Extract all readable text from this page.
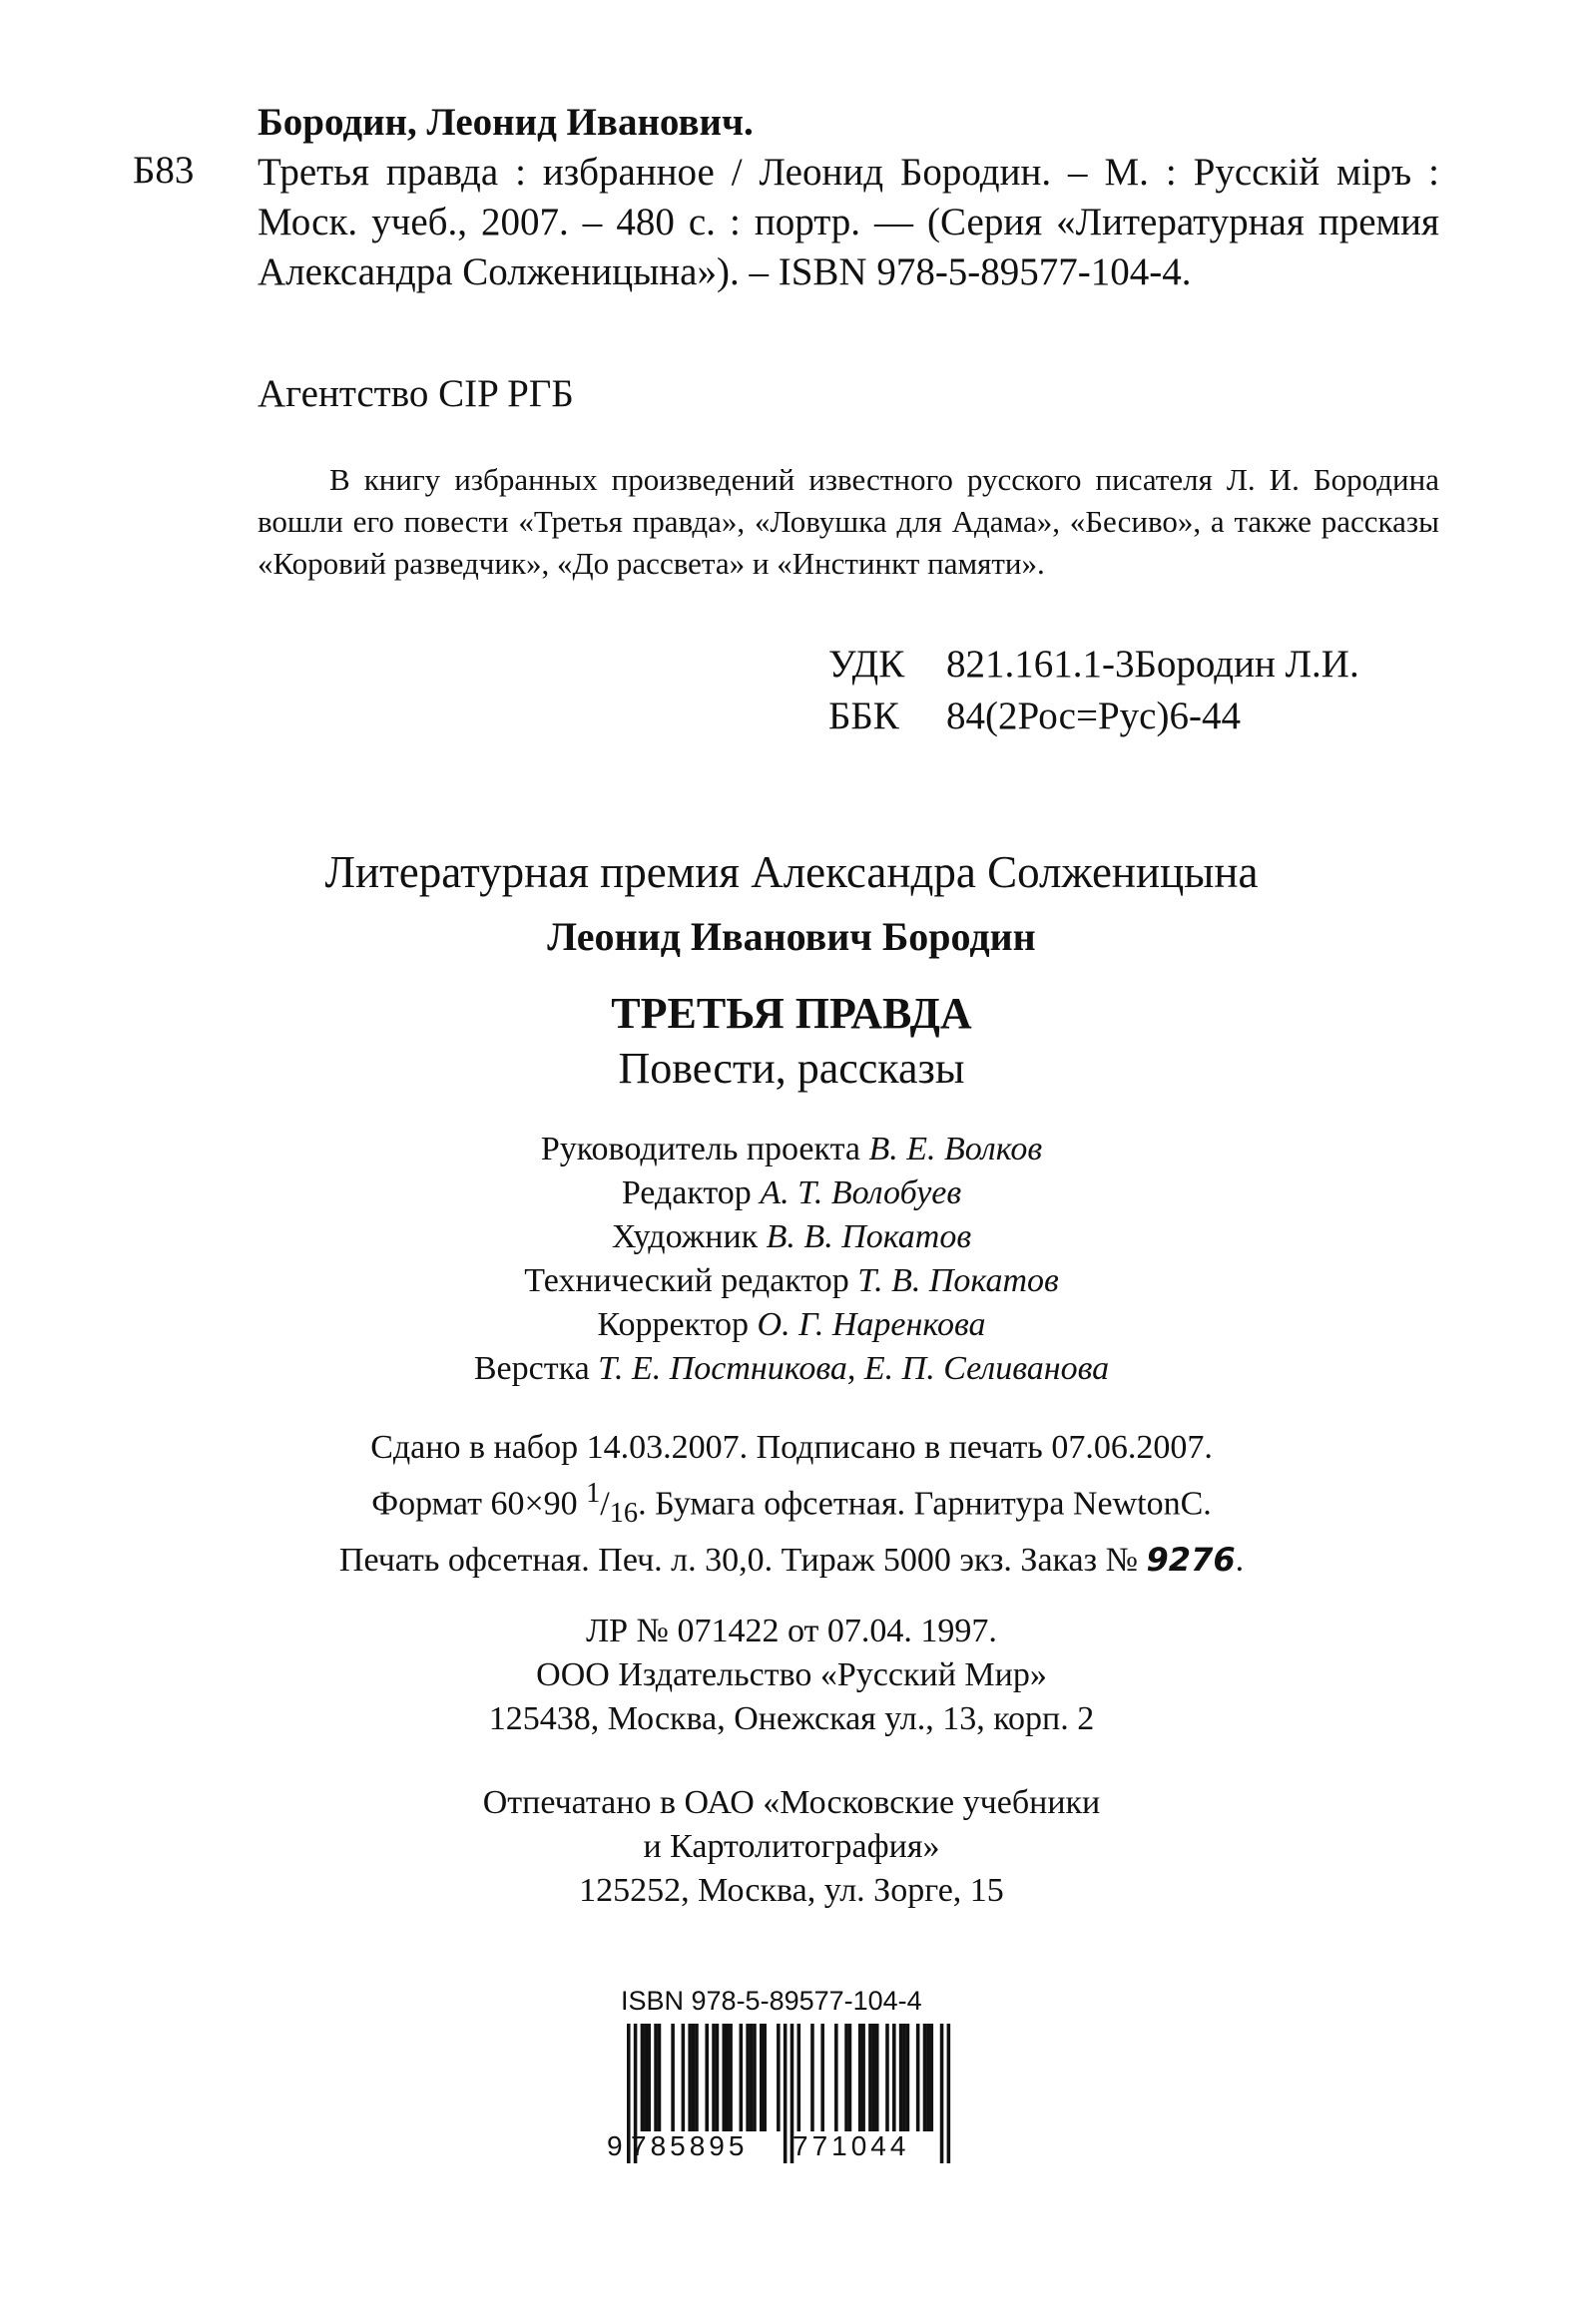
Б83
Бородин, Леонид Иванович.
Третья правда : избранное / Леонид Бородин. – М. : Русскiй мiръ : Моск. учеб., 2007. – 480 с. : портр. — (Серия «Литературная премия Александра Солженицына»). – ISBN 978-5-89577-104-4.
Агентство CIP РГБ
В книгу избранных произведений известного русского писателя Л. И. Бородина вошли его повести «Третья правда», «Ловушка для Адама», «Бесиво», а также рассказы «Коровий разведчик», «До рассвета» и «Инстинкт памяти».
УДК	821.161.1-3Бородин Л.И.
ББК	84(2Рос=Рус)6-44
Литературная премия Александра Солженицына
Леонид Иванович Бородин
ТРЕТЬЯ ПРАВДА
Повести, рассказы
Руководитель проекта В. Е. Волков
Редактор А. Т. Волобуев
Художник В. В. Покатов
Технический редактор Т. В. Покатов
Корректор О. Г. Наренкова
Верстка Т. Е. Постникова, Е. П. Селиванова
Сдано в набор 14.03.2007. Подписано в печать 07.06.2007.
Формат 60×90 $^1/_{16}$. Бумага офсетная. Гарнитура NewtonC.
Печать офсетная. Печ. л. 30,0. Тираж 5000 экз. Заказ № 9276.
ЛР № 071422 от 07.04. 1997.
ООО Издательство «Русский Мир»
125438, Москва, Онежская ул., 13, корп. 2
Отпечатано в ОАО «Московские учебники
и Картолитография»
125252, Москва, ул. Зорге, 15
ISBN 978-5-89577-104-4
9 785895 771044
